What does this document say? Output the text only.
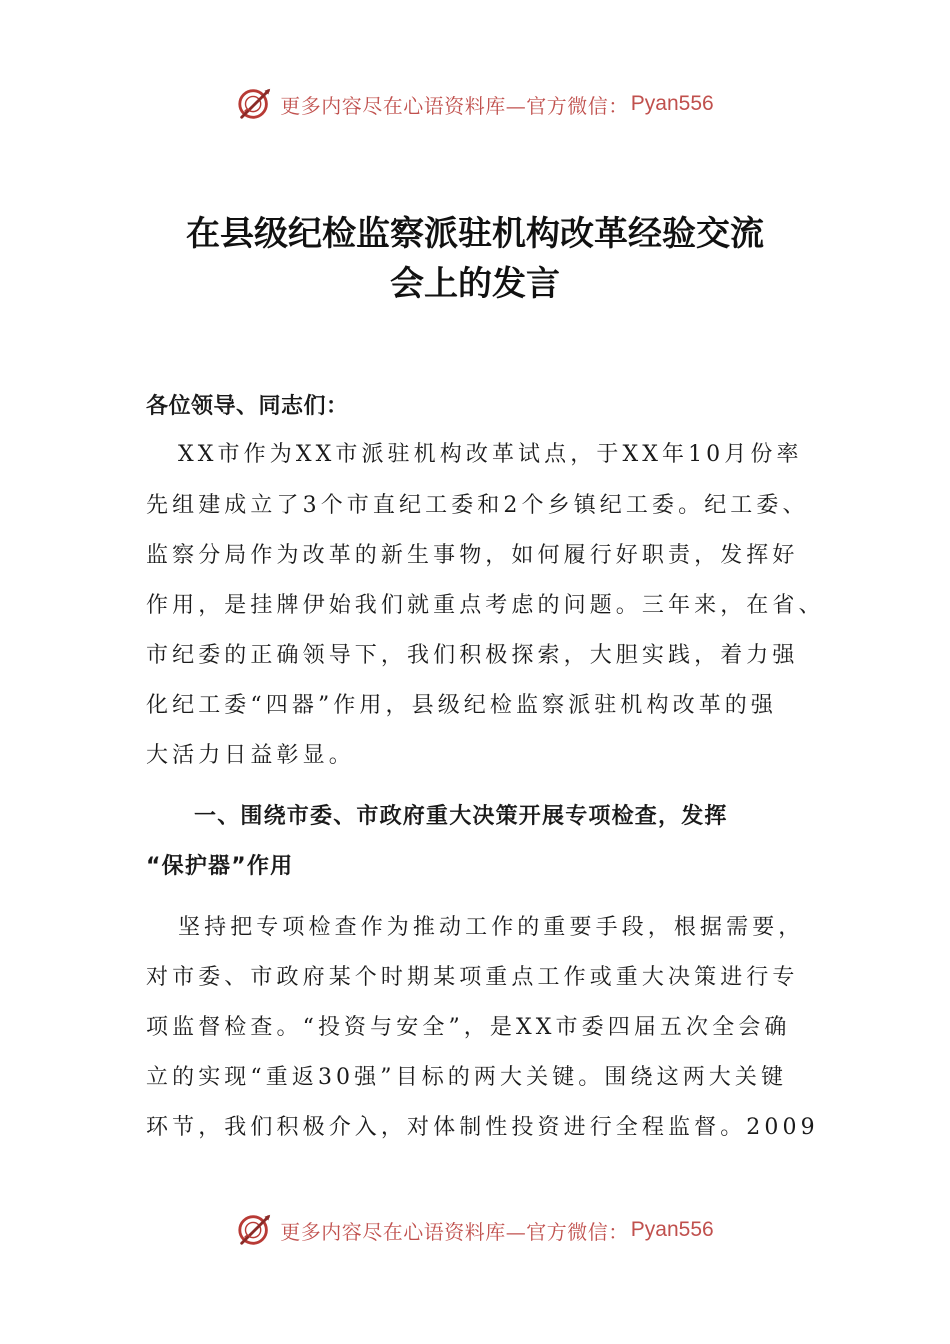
更多内容尽在心语资料库—官方微信： Pyan556
在县级纪检监察派驻机构改革经验交流
会上的发言
各位领导、同志们：
XX市作为XX市派驻机构改革试点，于XX年10月份率
先组建成立了3个市直纪工委和2个乡镇纪工委。纪工委、
监察分局作为改革的新生事物，如何履行好职责，发挥好
作用，是挂牌伊始我们就重点考虑的问题。三年来，在省、
市纪委的正确领导下，我们积极探索，大胆实践，着力强
化纪工委“四器”作用，县级纪检监察派驻机构改革的强
大活力日益彰显。
一、围绕市委、市政府重大决策开展专项检查，发挥
“保护器”作用
坚持把专项检查作为推动工作的重要手段，根据需要，
对市委、市政府某个时期某项重点工作或重大决策进行专
项监督检查。“投资与安全”，是XX市委四届五次全会确
立的实现“重返30强”目标的两大关键。围绕这两大关键
环节，我们积极介入，对体制性投资进行全程监督。2009
更多内容尽在心语资料库—官方微信： Pyan556
